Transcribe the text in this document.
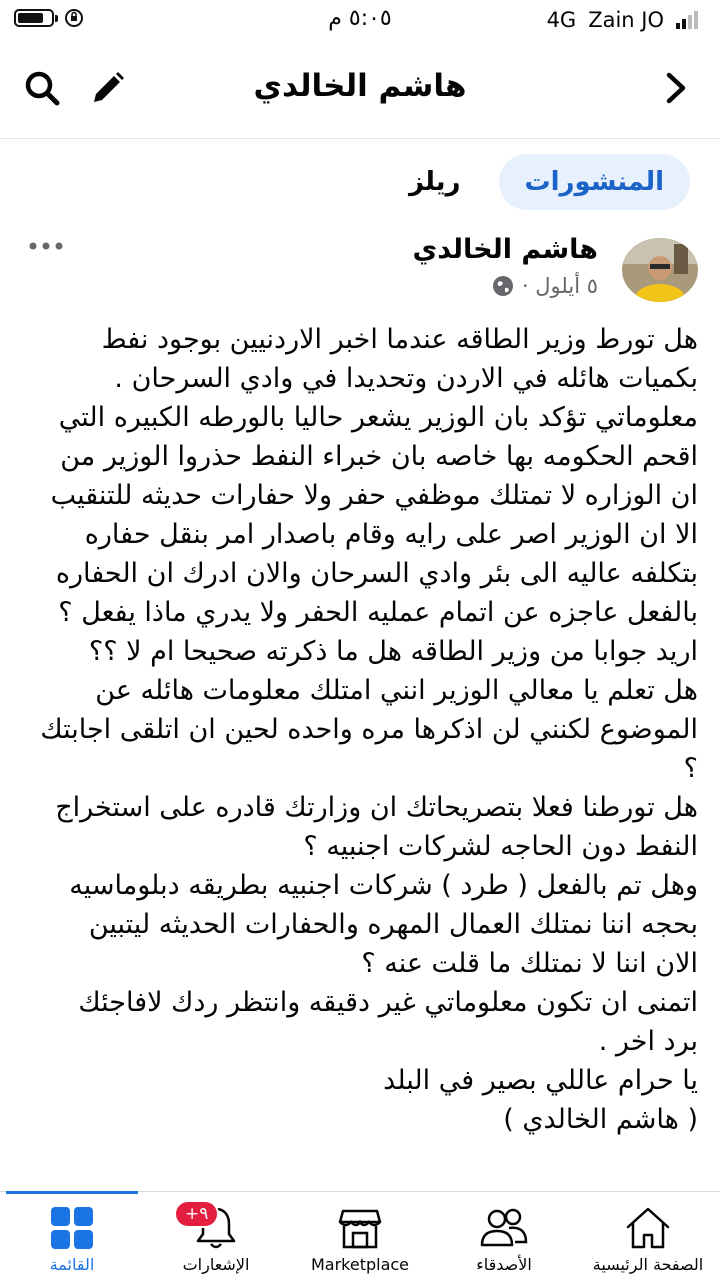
٥:٠٥ م	4G Zain JO
هاشم الخالدي
المنشورات
ريلز
هاشم الخالدي
٥ أيلول ·

هل تورط وزير الطاقه عندما اخبر الاردنيين بوجود نفط بكميات هائله في الاردن وتحديدا في وادي السرحان .

معلوماتي تؤكد بان الوزير يشعر حاليا بالورطه الكبيره التي اقحم الحكومه بها خاصه بان خبراء النفط حذروا الوزير من ان الوزاره لا تمتلك موظفي حفر ولا حفارات حديثه للتنقيب الا ان الوزير اصر على رايه وقام باصدار امر بنقل حفاره بتكلفه عاليه الى بئر وادي السرحان والان ادرك ان الحفاره بالفعل عاجزه عن اتمام عمليه الحفر ولا يدري ماذا يفعل ؟

اريد جوابا من وزير الطاقه هل ما ذكرته صحيحا ام لا ؟؟

هل تعلم يا معالي الوزير انني امتلك معلومات هائله عن الموضوع لكنني لن اذكرها مره واحده لحين ان اتلقى اجابتك ؟

هل تورطنا فعلا بتصريحاتك ان وزارتك قادره على استخراج النفط دون الحاجه لشركات اجنبيه ؟

وهل تم بالفعل ( طرد ) شركات اجنبيه بطريقه دبلوماسيه بحجه اننا نمتلك العمال المهره والحفارات الحديثه ليتبين الان اننا لا نمتلك ما قلت عنه ؟

اتمنى ان تكون معلوماتي غير دقيقه وانتظر ردك لافاجئك برد اخر .

يا حرام عاللي بصير في البلد

( هاشم الخالدي )

القائمة
+٩
الإشعارات	Marketplace	الأصدقاء	الصفحة الرئيسية
